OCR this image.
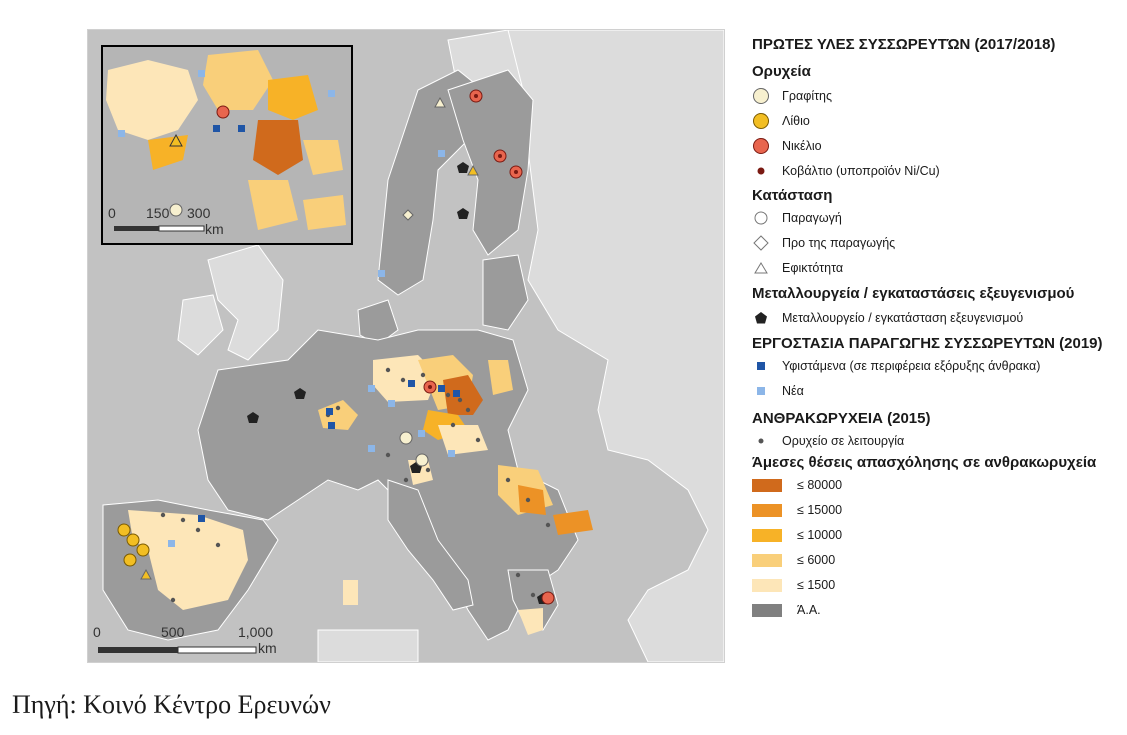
0	500	1,000
km
0 150 300
km

ΠΡΩΤΕΣ ΥΛΕΣ ΣΥΣΣΩΡΕΥΤΏΝ (2017/2018)

Ορυχεία

Γραφίτης
Λίθιο
Νικέλιο
Κοβάλτιο (υποπροϊόν Ni/Cu)

Κατάσταση

Παραγωγή
Προ της παραγωγής
Εφικτότητα

Μεταλλουργεία / εγκαταστάσεις εξευγενισμού

Μεταλλουργείο / εγκατάσταση εξευγενισμού

ΕΡΓΟΣΤΑΣΙΑ ΠΑΡΑΓΩΓΗΣ ΣΥΣΣΩΡΕΥΤΩΝ (2019)

Υφιστάμενα (σε περιφέρεια εξόρυξης άνθρακα)
Νέα

ΑΝΘΡΑΚΩΡΥΧΕΙΑ (2015)

Ορυχείο σε λειτουργία

Άμεσες θέσεις απασχόλησης σε ανθρακωρυχεία

≤ 80000
≤ 15000
≤ 10000
≤ 6000
≤ 1500
Ά.Α.
Πηγή: Κοινό Κέντρο Ερευνών
